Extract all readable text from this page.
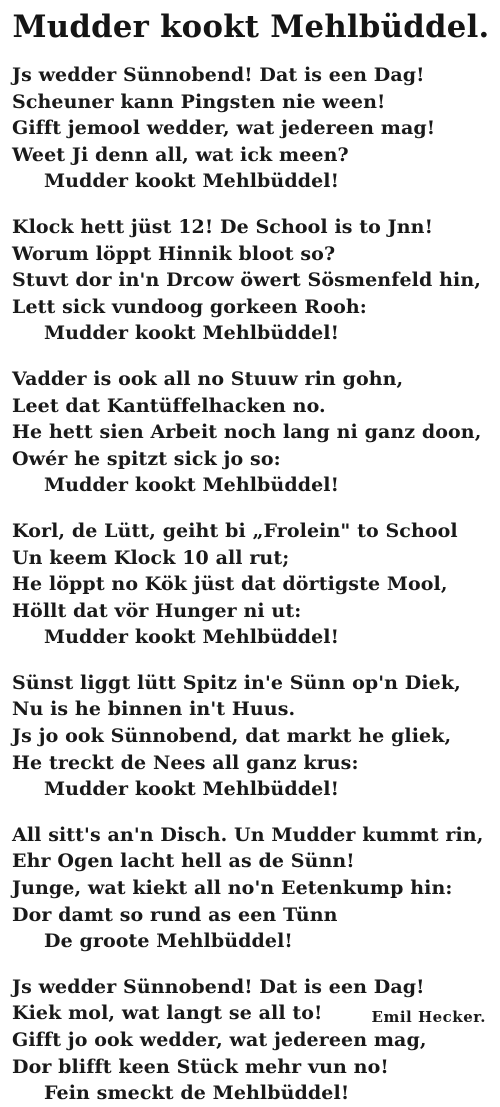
Mudder kookt Mehlbüddel.
Js wedder Sünnobend! Dat is een Dag!
Scheuner kann Pingsten nie ween!
Gifft jemool wedder, wat jedereen mag!
Weet Ji denn all, wat ick meen?
Mudder kookt Mehlbüddel!
Klock hett jüst 12! De School is to Jnn!
Worum löppt Hinnik bloot so?
Stuvt dor in'n Drcow öwert Sösmenfeld hin,
Lett sick vundoog gorkeen Rooh:
Mudder kookt Mehlbüddel!
Vadder is ook all no Stuuw rin gohn,
Leet dat Kantüffelhacken no.
He hett sien Arbeit noch lang ni ganz doon,
Owér he spitzt sick jo so:
Mudder kookt Mehlbüddel!
Korl, de Lütt, geiht bi „Frolein" to School
Un keem Klock 10 all rut;
He löppt no Kök jüst dat dörtigste Mool,
Höllt dat vör Hunger ni ut:
Mudder kookt Mehlbüddel!
Sünst liggt lütt Spitz in'e Sünn op'n Diek,
Nu is he binnen in't Huus.
Js jo ook Sünnobend, dat markt he gliek,
He treckt de Nees all ganz krus:
Mudder kookt Mehlbüddel!
All sitt's an'n Disch. Un Mudder kummt rin,
Ehr Ogen lacht hell as de Sünn!
Junge, wat kiekt all no'n Eetenkump hin:
Dor damt so rund as een Tünn
De groote Mehlbüddel!
Js wedder Sünnobend! Dat is een Dag!
Kiek mol, wat langt se all to!
Gifft jo ook wedder, wat jedereen mag,
Dor blifft keen Stück mehr vun no!
Fein smeckt de Mehlbüddel!
Emil Hecker.
